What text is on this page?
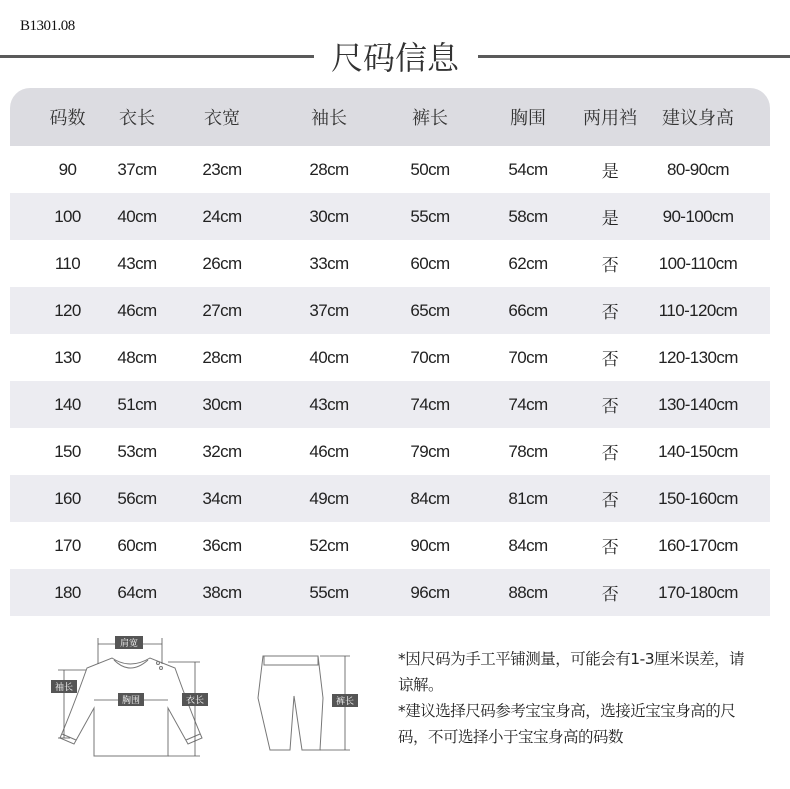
B1301.08
尺码信息
码数	衣长	衣宽	袖长	裤长	胸围	两用裆	建议身高
90	37cm	23cm	28cm	50cm	54cm	是	80-90cm
100	40cm	24cm	30cm	55cm	58cm	是	90-100cm
110	43cm	26cm	33cm	60cm	62cm	否	100-110cm
120	46cm	27cm	37cm	65cm	66cm	否	110-120cm
130	48cm	28cm	40cm	70cm	70cm	否	120-130cm
140	51cm	30cm	43cm	74cm	74cm	否	130-140cm
150	53cm	32cm	46cm	79cm	78cm	否	140-150cm
160	56cm	34cm	49cm	84cm	81cm	否	150-160cm
170	60cm	36cm	52cm	90cm	84cm	否	160-170cm
180	64cm	38cm	55cm	96cm	88cm	否	170-180cm
肩宽
袖长
胸围	衣长	裤长

*因尺码为手工平铺测量，可能会有1-3厘米误差，请谅解。

*建议选择尺码参考宝宝身高，选接近宝宝身高的尺码，不可选择小于宝宝身高的码数
